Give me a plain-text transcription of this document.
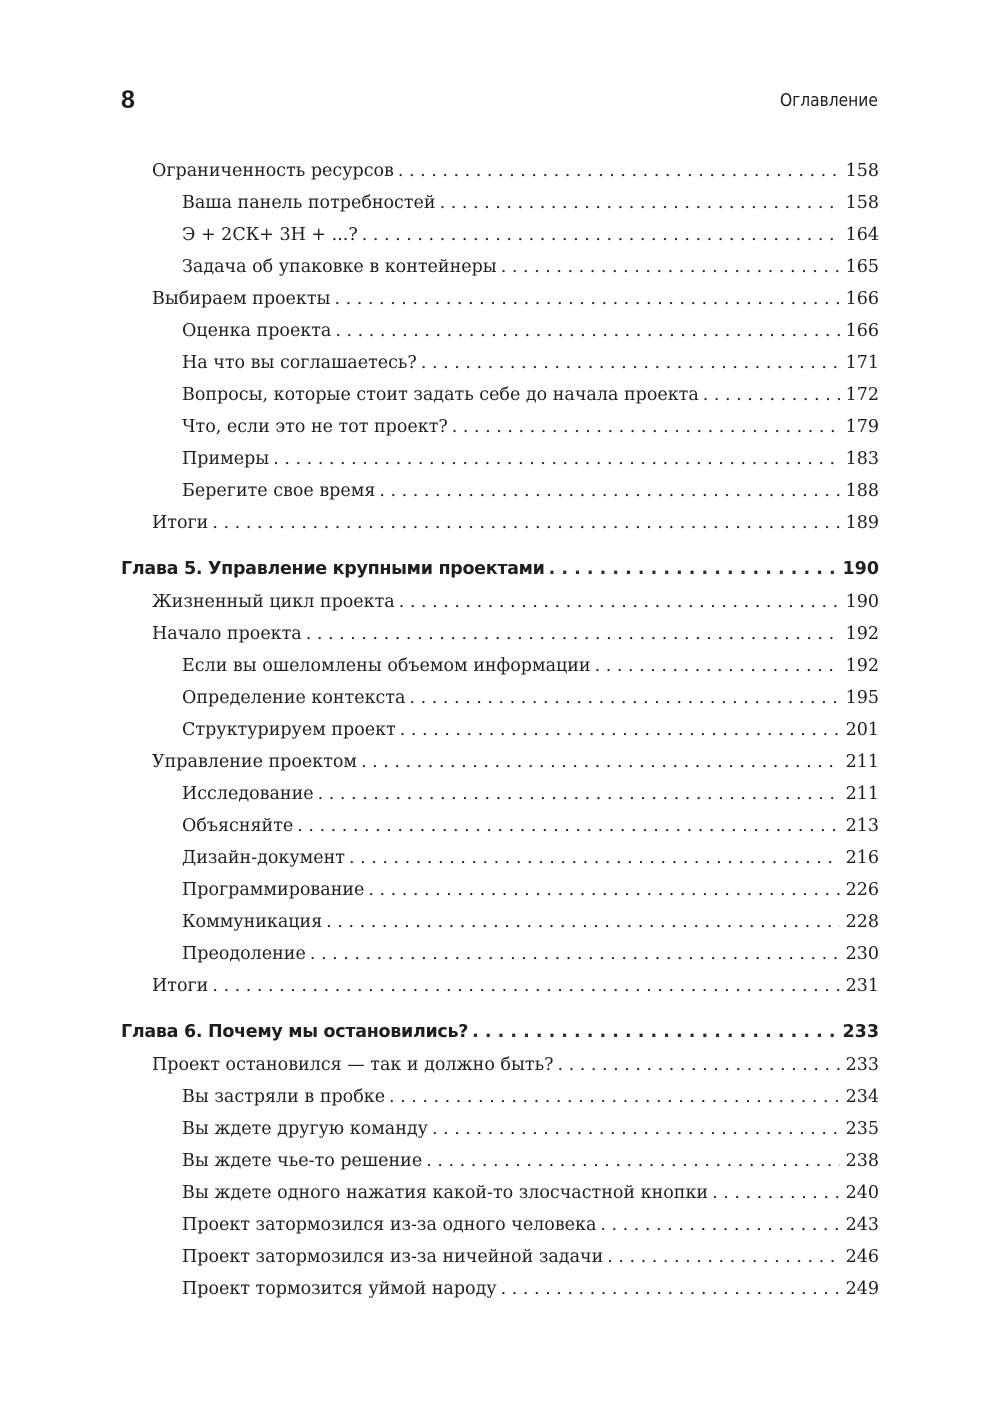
8	Оглавление
Ограниченность ресурсов . . .	158
Ваша панель потребностей . . .	158
Э + 2СК+ 3Н + ...? . . .	164
Задача об упаковке в контейнеры . . .	165
Выбираем проекты . . .	166
Оценка проекта . . .	166
На что вы соглашаетесь? . . .	171
Вопросы, которые стоит задать себе до начала проекта . . .	172
Что, если это не тот проект? . . .	179
Примеры . . .	183
Берегите свое время . . .	188
Итоги . . .	189
Глава 5. Управление крупными проектами . . .	190
Жизненный цикл проекта . . .	190
Начало проекта . . .	192
Если вы ошеломлены объемом информации . . .	192
Определение контекста . . .	195
Структурируем проект . . .	201
Управление проектом . . .	211
Исследование . . .	211
Объясняйте . . .	213
Дизайн-документ . . .	216
Программирование . . .	226
Коммуникация . . .	228
Преодоление . . .	230
Итоги . . .	231
Глава 6. Почему мы остановились? . . .	233
Проект остановился — так и должно быть? . . .	233
Вы застряли в пробке . . .	234
Вы ждете другую команду . . .	235
Вы ждете чье-то решение . . .	238
Вы ждете одного нажатия какой-то злосчастной кнопки . . .	240
Проект затормозился из-за одного человека . . .	243
Проект затормозился из-за ничейной задачи . . .	246
Проект тормозится уймой народу . . .	249
